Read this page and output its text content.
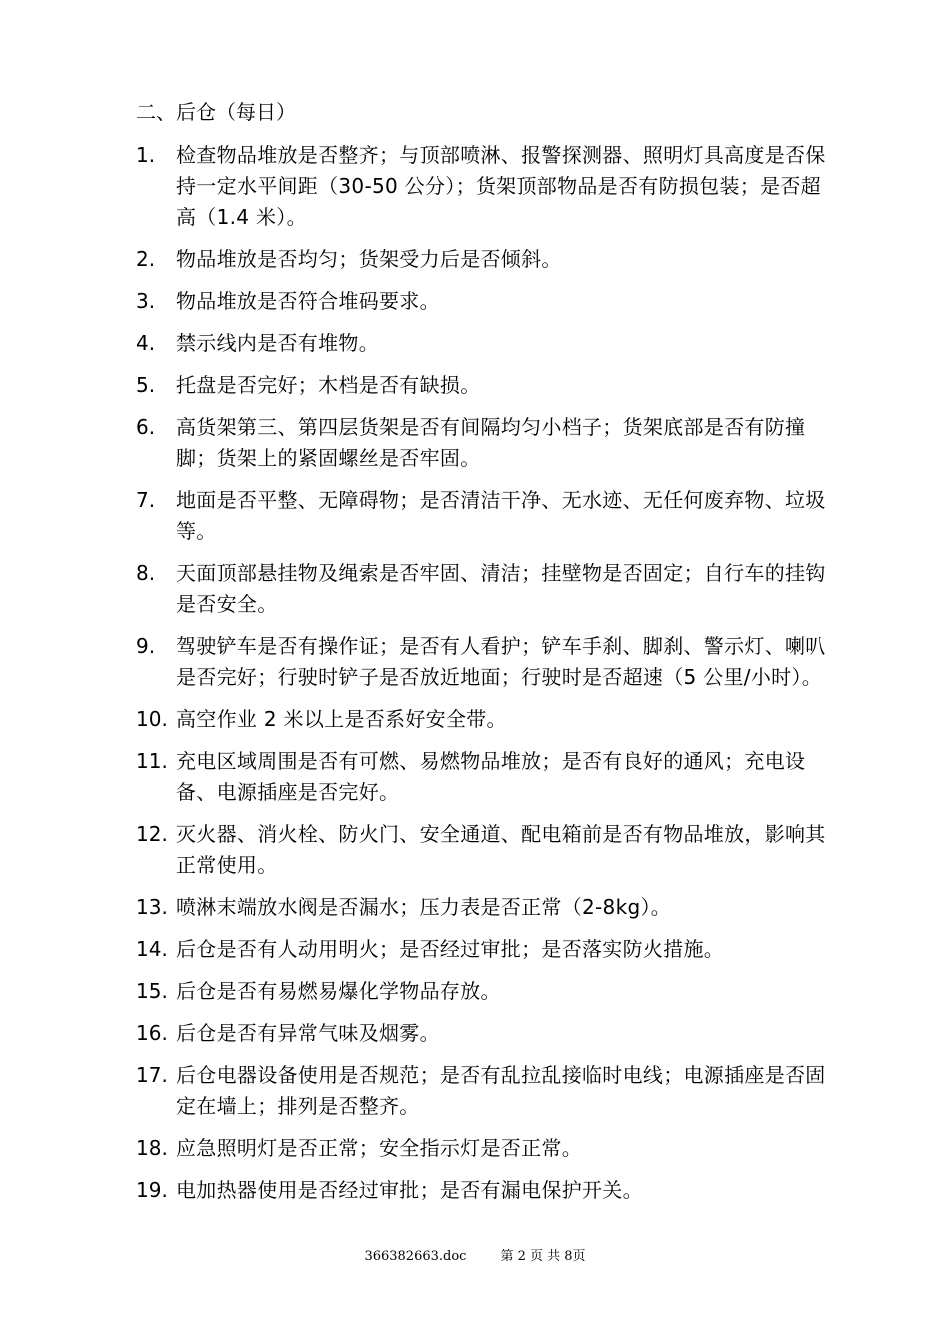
二、后仓（每日）
1.	检查物品堆放是否整齐；与顶部喷淋、报警探测器、照明灯具高度是否保持一定水平间距（30-50 公分）；货架顶部物品是否有防损包装；是否超高（1.4 米）。
2.	物品堆放是否均匀；货架受力后是否倾斜。
3.	物品堆放是否符合堆码要求。
4.	禁示线内是否有堆物。
5.	托盘是否完好；木档是否有缺损。
6.	高货架第三、第四层货架是否有间隔均匀小档子；货架底部是否有防撞脚；货架上的紧固螺丝是否牢固。
7.	地面是否平整、无障碍物；是否清洁干净、无水迹、无任何废弃物、垃圾等。
8.	天面顶部悬挂物及绳索是否牢固、清洁；挂壁物是否固定；自行车的挂钩是否安全。
9.	驾驶铲车是否有操作证；是否有人看护；铲车手刹、脚刹、警示灯、喇叭是否完好；行驶时铲子是否放近地面；行驶时是否超速（5 公里/小时）。
10. 高空作业 2 米以上是否系好安全带。
11. 充电区域周围是否有可燃、易燃物品堆放；是否有良好的通风；充电设备、电源插座是否完好。
12. 灭火器、消火栓、防火门、安全通道、配电箱前是否有物品堆放，影响其正常使用。
13. 喷淋末端放水阀是否漏水；压力表是否正常（2-8kg）。
14. 后仓是否有人动用明火；是否经过审批；是否落实防火措施。
15. 后仓是否有易燃易爆化学物品存放。
16. 后仓是否有异常气味及烟雾。
17. 后仓电器设备使用是否规范；是否有乱拉乱接临时电线；电源插座是否固定在墙上；排列是否整齐。
18. 应急照明灯是否正常；安全指示灯是否正常。
19. 电加热器使用是否经过审批；是否有漏电保护开关。
366382663.doc	第 2 页 共 8页
